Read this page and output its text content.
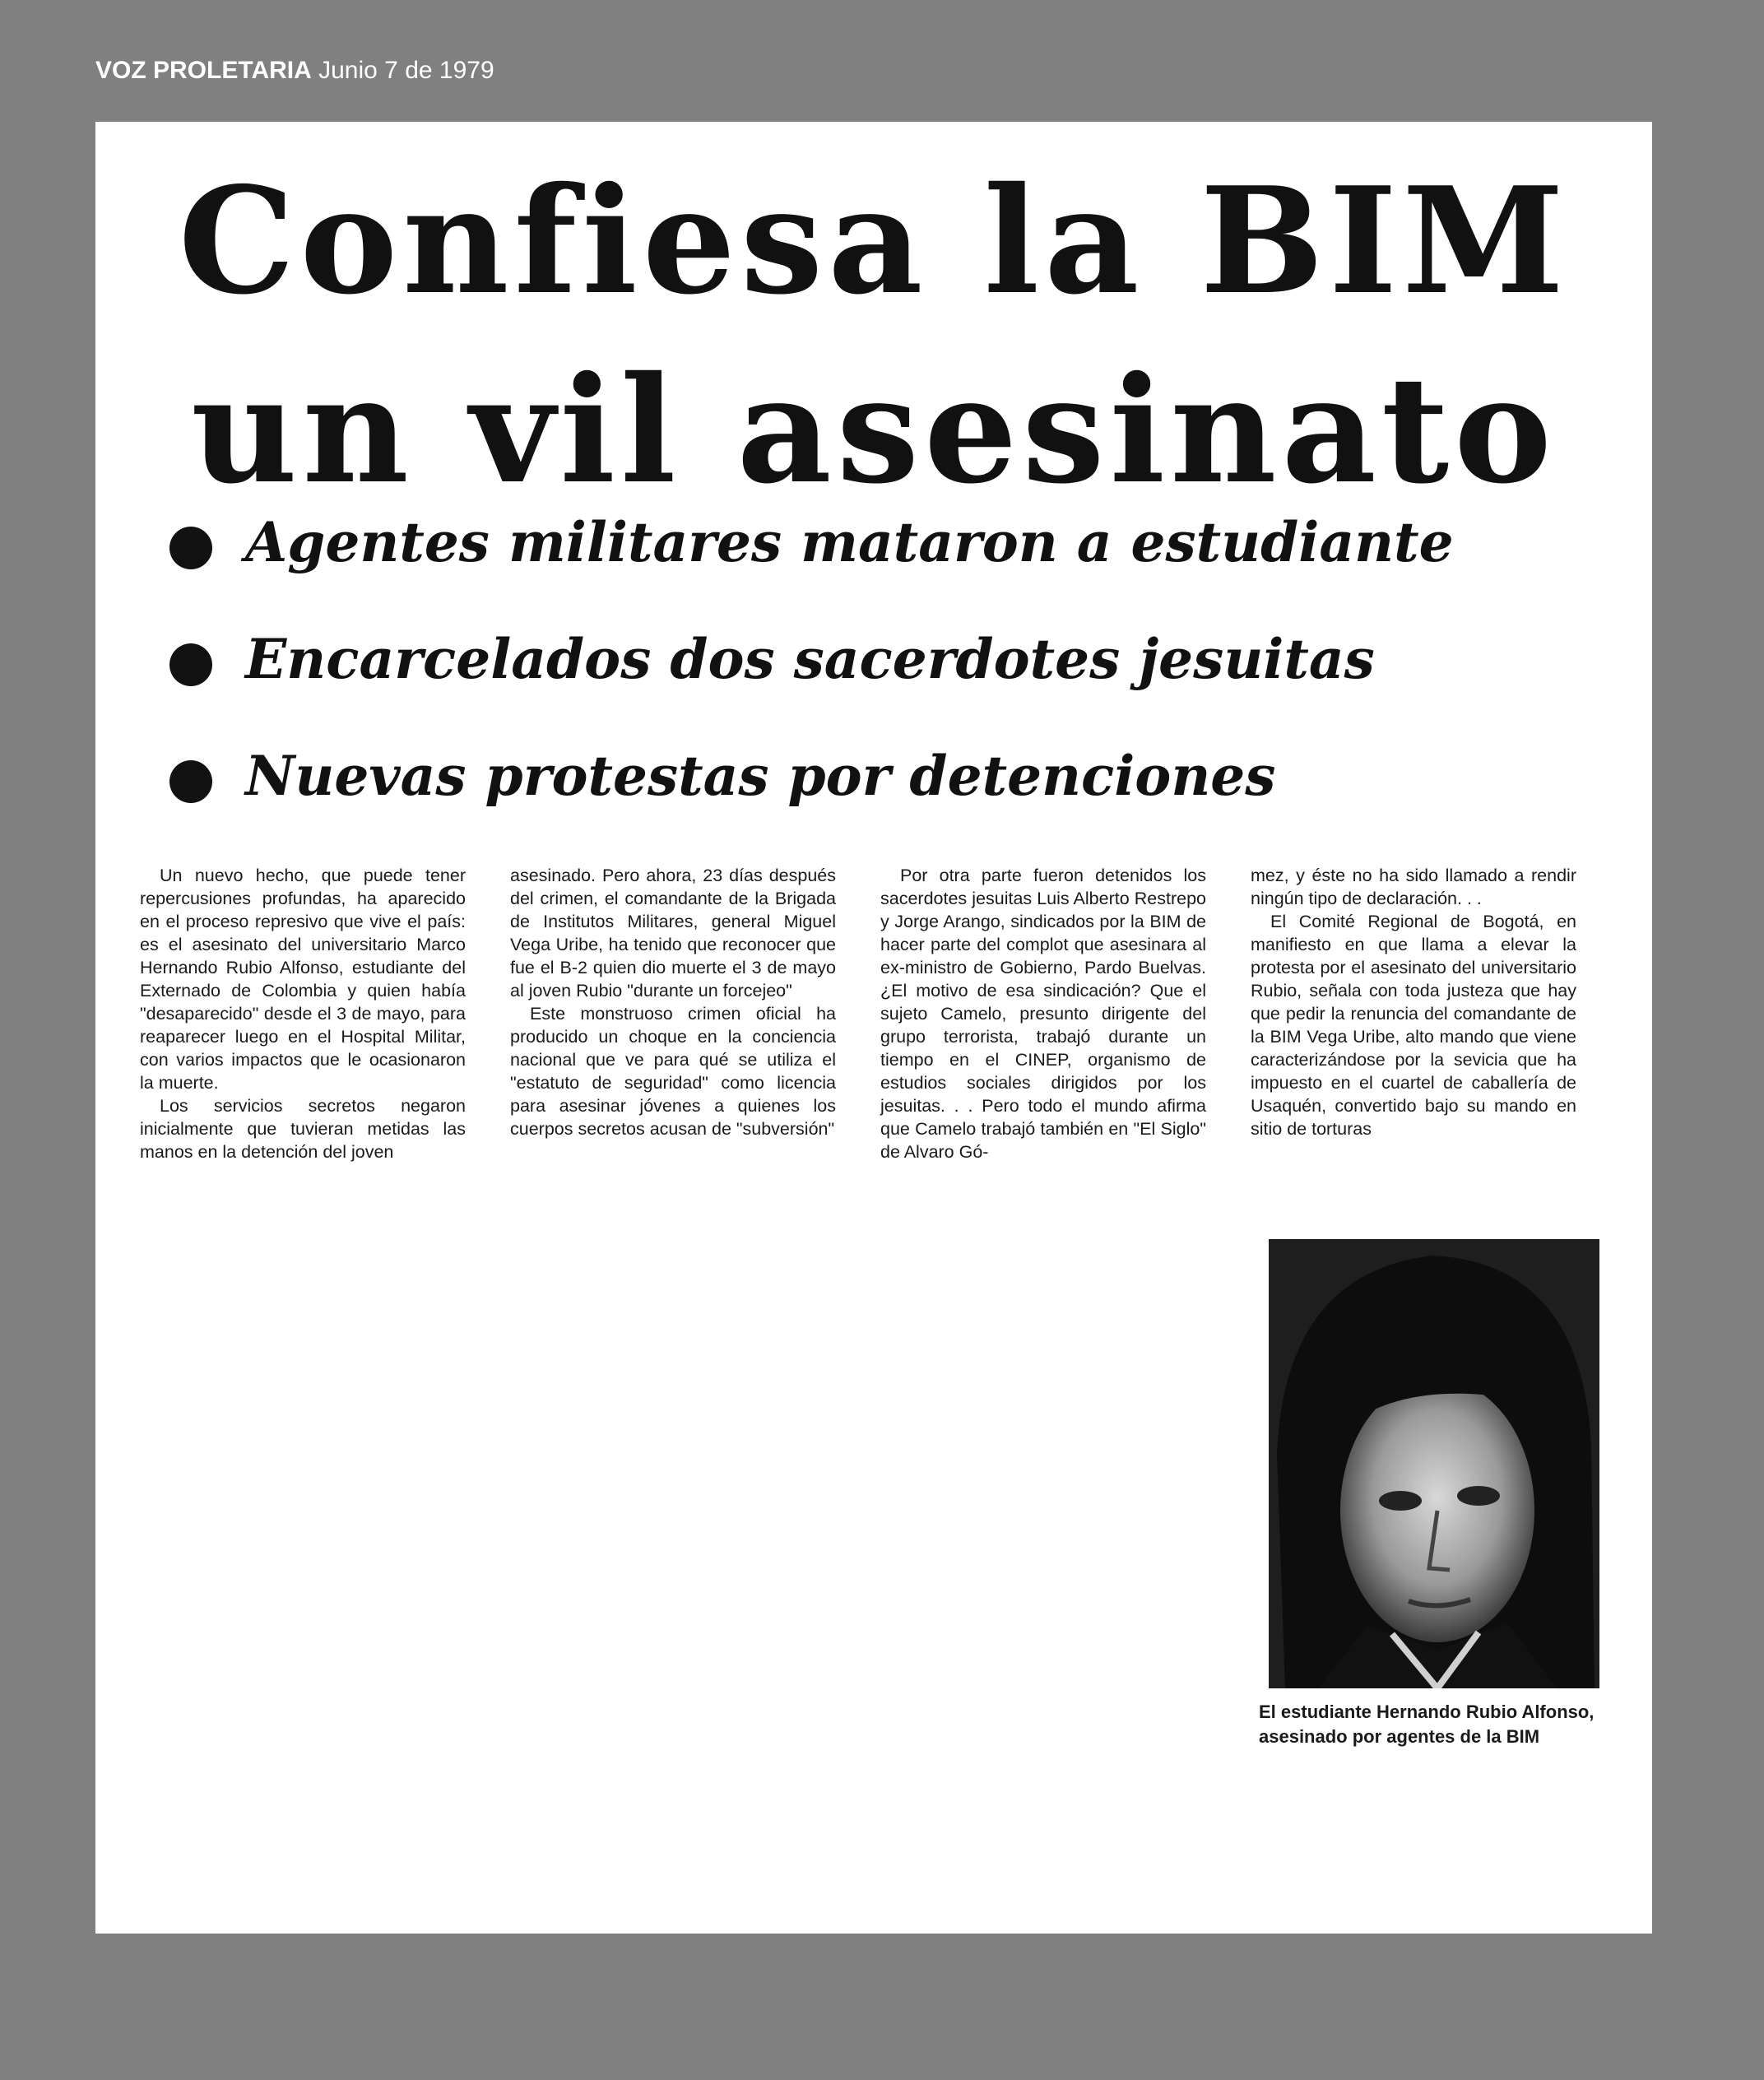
VOZ PROLETARIA Junio 7 de 1979
Confiesa la BIM
un vil asesinato
Agentes militares mataron a estudiante
Encarcelados dos sacerdotes jesuitas
Nuevas protestas por detenciones

Un nuevo hecho, que puede tener repercusiones profundas, ha aparecido en el proceso represivo que vive el país: es el asesinato del universitario Marco Hernando Rubio Alfonso, estudiante del Externado de Colombia y quien había "desaparecido" desde el 3 de mayo, para reaparecer luego en el Hospital Militar, con varios impactos que le ocasionaron la muerte.

Los servicios secretos negaron inicialmente que tuvieran metidas las manos en la detención del joven

asesinado. Pero ahora, 23 días después del crimen, el comandante de la Brigada de Institutos Militares, general Miguel Vega Uribe, ha tenido que reconocer que fue el B-2 quien dio muerte el 3 de mayo al joven Rubio "durante un forcejeo"

Este monstruoso crimen oficial ha producido un choque en la conciencia nacional que ve para qué se utiliza el "estatuto de seguridad" como licencia para asesinar jóvenes a quienes los cuerpos secretos acusan de "subversión"

Por otra parte fueron detenidos los sacerdotes jesuitas Luis Alberto Restrepo y Jorge Arango, sindicados por la BIM de hacer parte del complot que asesinara al ex-ministro de Gobierno, Pardo Buelvas. ¿El motivo de esa sindicación? Que el sujeto Camelo, presunto dirigente del grupo terrorista, trabajó durante un tiempo en el CINEP, organismo de estudios sociales dirigidos por los jesuitas. . . Pero todo el mundo afirma que Camelo trabajó también en "El Siglo" de Alvaro Gó-

mez, y éste no ha sido llamado a rendir ningún tipo de declaración. . .

El Comité Regional de Bogotá, en manifiesto en que llama a elevar la protesta por el asesinato del universitario Rubio, señala con toda justeza que hay que pedir la renuncia del comandante de la BIM Vega Uribe, alto mando que viene caracterizándose por la sevicia que ha impuesto en el cuartel de caballería de Usaquén, convertido bajo su mando en sitio de torturas

El estudiante Hernando Rubio Alfonso, asesinado por agentes de la BIM
